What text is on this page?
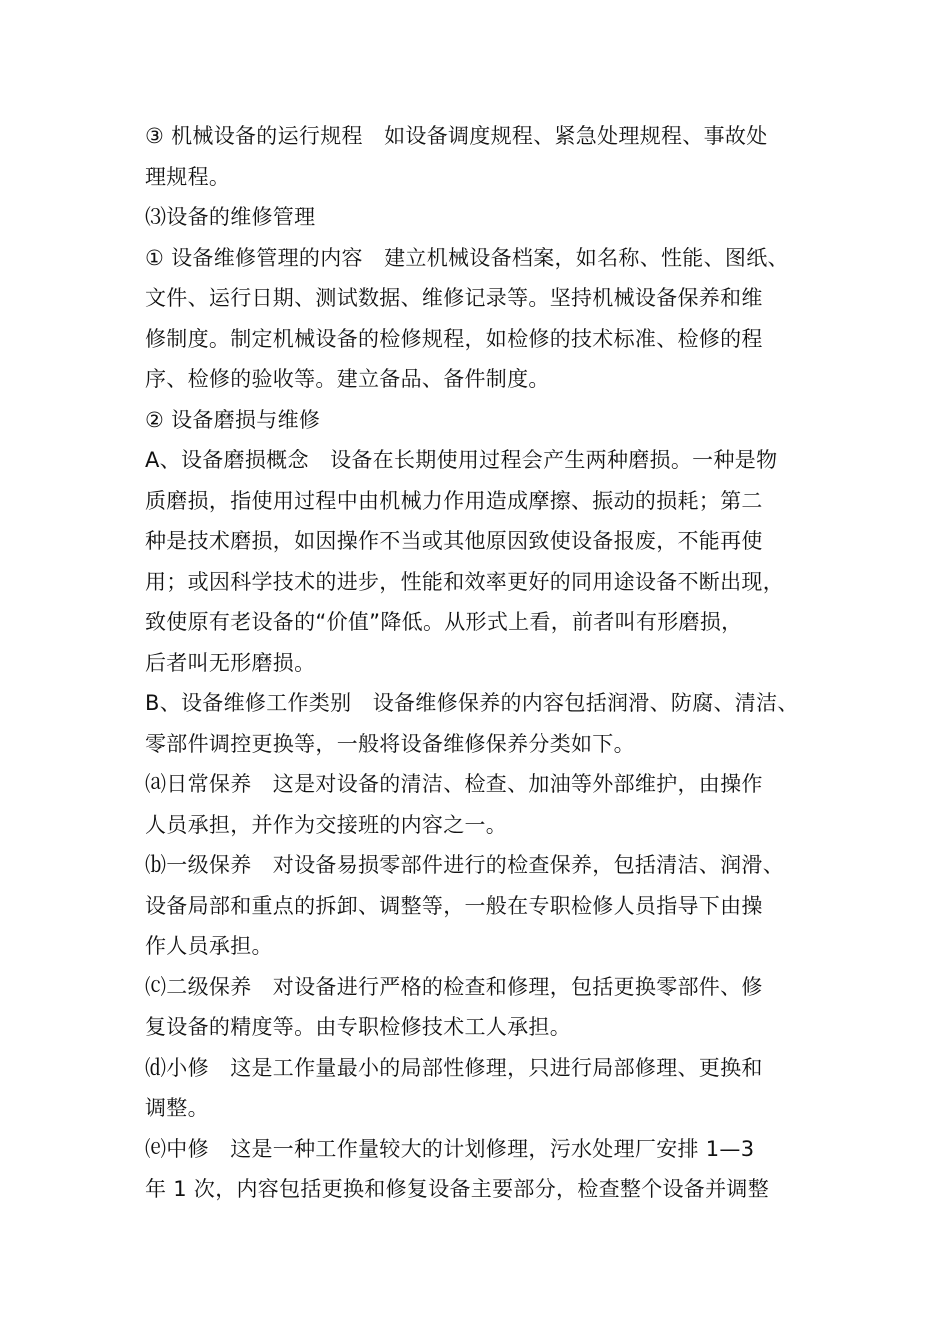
③ 机械设备的运行规程　如设备调度规程、紧急处理规程、事故处
理规程。
⑶设备的维修管理
① 设备维修管理的内容　建立机械设备档案，如名称、性能、图纸、
文件、运行日期、测试数据、维修记录等。坚持机械设备保养和维
修制度。制定机械设备的检修规程，如检修的技术标准、检修的程
序、检修的验收等。建立备品、备件制度。
② 设备磨损与维修
A、设备磨损概念　设备在长期使用过程会产生两种磨损。一种是物
质磨损，指使用过程中由机械力作用造成摩擦、振动的损耗；第二
种是技术磨损，如因操作不当或其他原因致使设备报废，不能再使
用；或因科学技术的进步，性能和效率更好的同用途设备不断出现，
致使原有老设备的“价值”降低。从形式上看，前者叫有形磨损，
后者叫无形磨损。
B、设备维修工作类别　设备维修保养的内容包括润滑、防腐、清洁、
零部件调控更换等，一般将设备维修保养分类如下。
⒜日常保养　这是对设备的清洁、检查、加油等外部维护，由操作
人员承担，并作为交接班的内容之一。
⒝一级保养　对设备易损零部件进行的检查保养，包括清洁、润滑、
设备局部和重点的拆卸、调整等，一般在专职检修人员指导下由操
作人员承担。
⒞二级保养　对设备进行严格的检查和修理，包括更换零部件、修
复设备的精度等。由专职检修技术工人承担。
⒟小修　这是工作量最小的局部性修理，只进行局部修理、更换和
调整。
⒠中修　这是一种工作量较大的计划修理，污水处理厂安排 1—3
年 1 次，内容包括更换和修复设备主要部分，检查整个设备并调整
